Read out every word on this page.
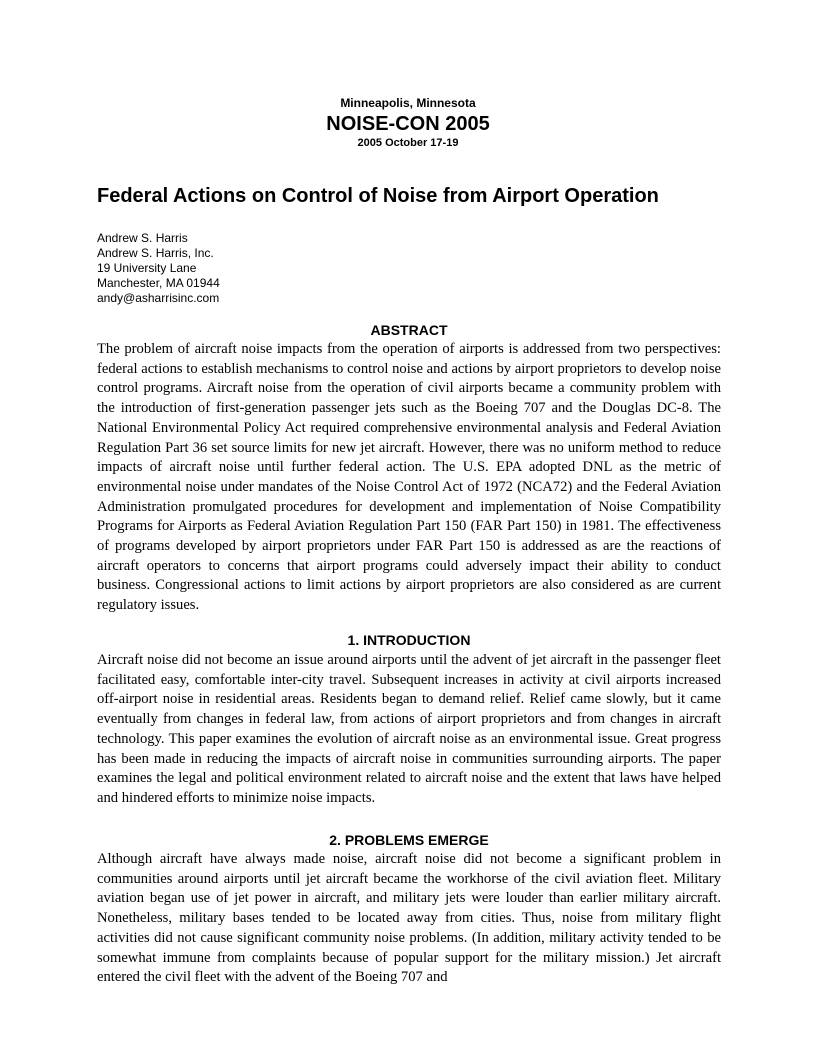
Minneapolis, Minnesota
NOISE-CON 2005
2005 October 17-19
Federal Actions on Control of Noise from Airport Operation
Andrew S. Harris
Andrew S. Harris, Inc.
19 University Lane
Manchester, MA 01944
andy@asharrisinc.com
ABSTRACT

The problem of aircraft noise impacts from the operation of airports is addressed from two perspectives: federal actions to establish mechanisms to control noise and actions by airport proprietors to develop noise control programs. Aircraft noise from the operation of civil airports became a community problem with the introduction of first-generation passenger jets such as the Boeing 707 and the Douglas DC-8. The National Environmental Policy Act required comprehensive environmental analysis and Federal Aviation Regulation Part 36 set source limits for new jet aircraft. However, there was no uniform method to reduce impacts of aircraft noise until further federal action. The U.S. EPA adopted DNL as the metric of environmental noise under mandates of the Noise Control Act of 1972 (NCA72) and the Federal Aviation Administration promulgated procedures for development and implementation of Noise Compatibility Programs for Airports as Federal Aviation Regulation Part 150 (FAR Part 150) in 1981. The effectiveness of programs developed by airport proprietors under FAR Part 150 is addressed as are the reactions of aircraft operators to concerns that airport programs could adversely impact their ability to conduct business. Congressional actions to limit actions by airport proprietors are also considered as are current regulatory issues.

1. INTRODUCTION

Aircraft noise did not become an issue around airports until the advent of jet aircraft in the passenger fleet facilitated easy, comfortable inter-city travel. Subsequent increases in activity at civil airports increased off-airport noise in residential areas. Residents began to demand relief. Relief came slowly, but it came eventually from changes in federal law, from actions of airport proprietors and from changes in aircraft technology. This paper examines the evolution of aircraft noise as an environmental issue. Great progress has been made in reducing the impacts of aircraft noise in communities surrounding airports. The paper examines the legal and political environment related to aircraft noise and the extent that laws have helped and hindered efforts to minimize noise impacts.

2. PROBLEMS EMERGE

Although aircraft have always made noise, aircraft noise did not become a significant problem in communities around airports until jet aircraft became the workhorse of the civil aviation fleet. Military aviation began use of jet power in aircraft, and military jets were louder than earlier military aircraft. Nonetheless, military bases tended to be located away from cities. Thus, noise from military flight activities did not cause significant community noise problems. (In addition, military activity tended to be somewhat immune from complaints because of popular support for the military mission.) Jet aircraft entered the civil fleet with the advent of the Boeing 707 and
